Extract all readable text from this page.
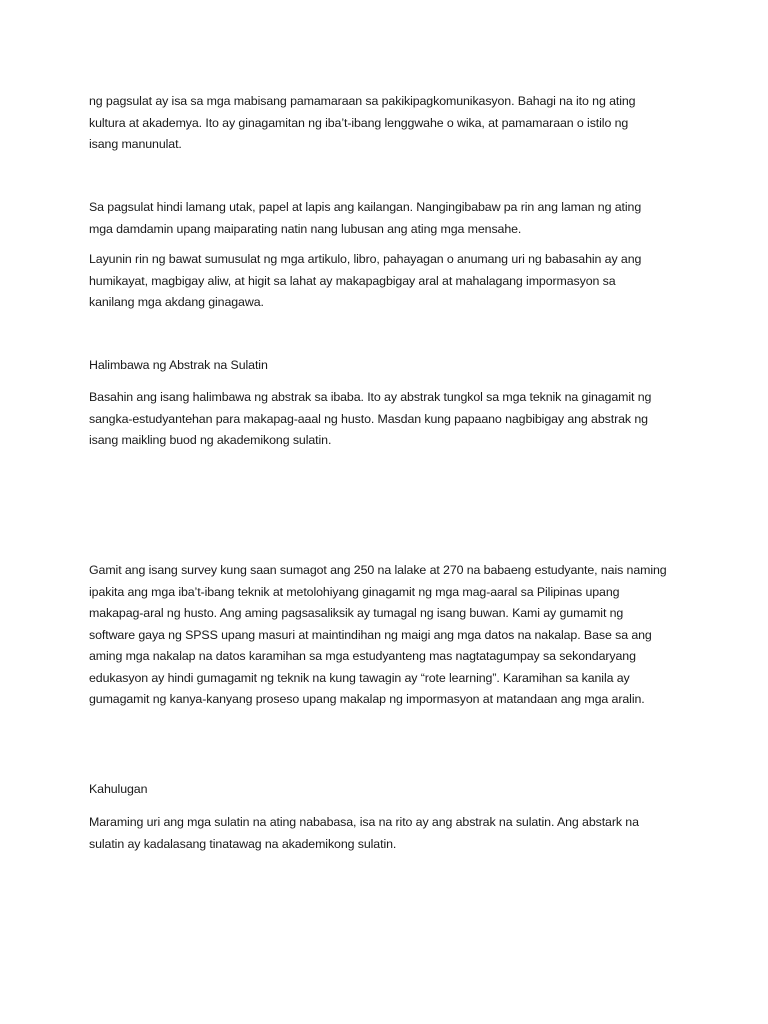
ng pagsulat ay isa sa mga mabisang pamamaraan sa pakikipagkomunikasyon. Bahagi na ito ng ating
kultura at akademya. Ito ay ginagamitan ng iba’t-ibang lenggwahe o wika, at pamamaraan o istilo ng
isang manunulat.
Sa pagsulat hindi lamang utak, papel at lapis ang kailangan. Nangingibabaw pa rin ang laman ng ating
mga damdamin upang maiparating natin nang lubusan ang ating mga mensahe.
Layunin rin ng bawat sumusulat ng mga artikulo, libro, pahayagan o anumang uri ng babasahin ay ang
humikayat, magbigay aliw, at higit sa lahat ay makapagbigay aral at mahalagang impormasyon sa
kanilang mga akdang ginagawa.
Halimbawa ng Abstrak na Sulatin
Basahin ang isang halimbawa ng abstrak sa ibaba. Ito ay abstrak tungkol sa mga teknik na ginagamit ng
sangka-estudyantehan para makapag-aaal ng husto. Masdan kung papaano nagbibigay ang abstrak ng
isang maikling buod ng akademikong sulatin.
Gamit ang isang survey kung saan sumagot ang 250 na lalake at 270 na babaeng estudyante, nais naming
ipakita ang mga iba’t-ibang teknik at metolohiyang ginagamit ng mga mag-aaral sa Pilipinas upang
makapag-aral ng husto. Ang aming pagsasaliksik ay tumagal ng isang buwan. Kami ay gumamit ng
software gaya ng SPSS upang masuri at maintindihan ng maigi ang mga datos na nakalap. Base sa ang
aming mga nakalap na datos karamihan sa mga estudyanteng mas nagtatagumpay sa sekondaryang
edukasyon ay hindi gumagamit ng teknik na kung tawagin ay “rote learning”. Karamihan sa kanila ay
gumagamit ng kanya-kanyang proseso upang makalap ng impormasyon at matandaan ang mga aralin.
Kahulugan
Maraming uri ang mga sulatin na ating nababasa, isa na rito ay ang abstrak na sulatin. Ang abstark na
sulatin ay kadalasang tinatawag na akademikong sulatin.
